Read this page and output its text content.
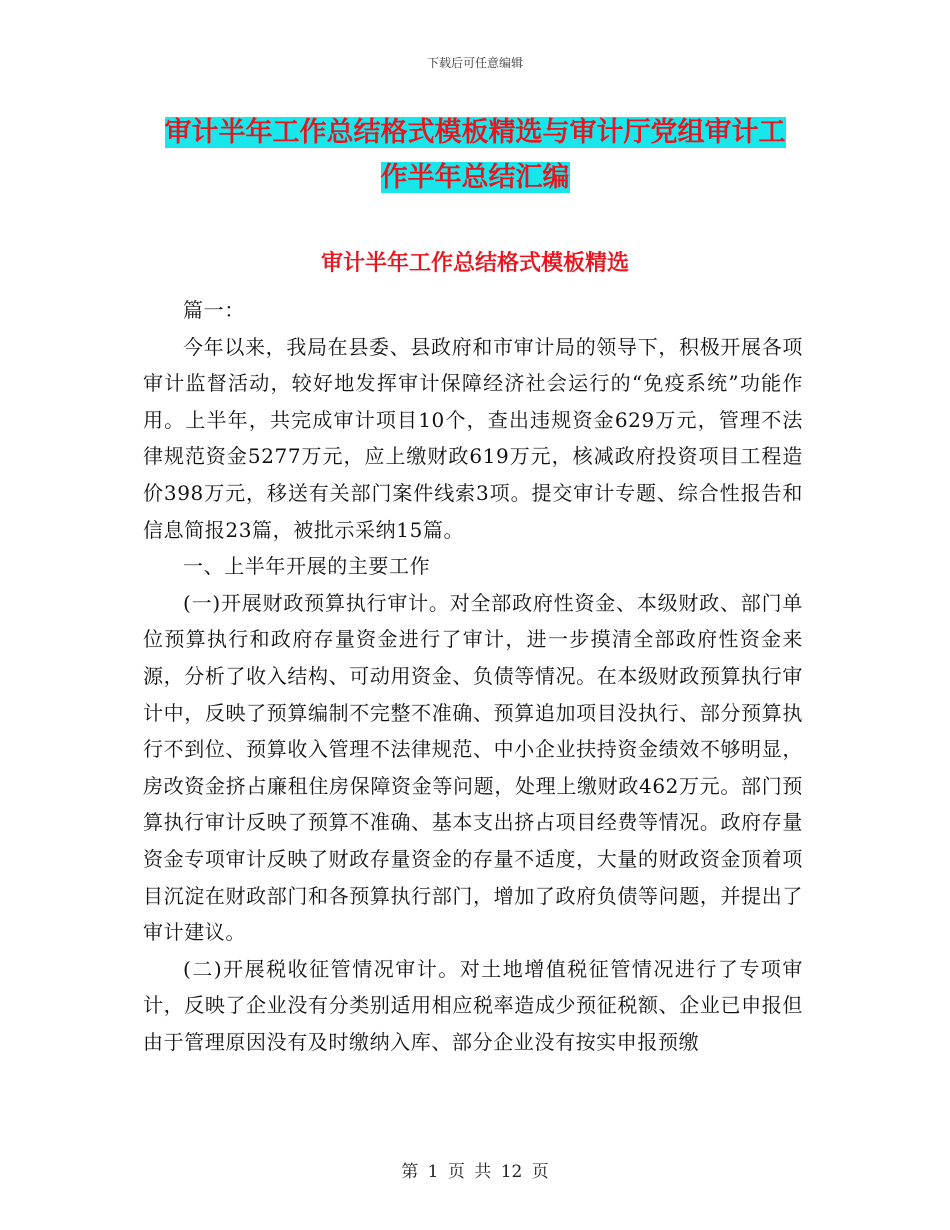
下载后可任意编辑
审计半年工作总结格式模板精选与审计厅党组审计工
作半年总结汇编
审计半年工作总结格式模板精选

篇一：

今年以来，我局在县委、县政府和市审计局的领导下，积极开展各项审计监督活动，较好地发挥审计保障经济社会运行的“免疫系统”功能作用。上半年，共完成审计项目10个，查出违规资金629万元，管理不法律规范资金5277万元，应上缴财政619万元，核减政府投资项目工程造价398万元，移送有关部门案件线索3项。提交审计专题、综合性报告和信息简报23篇，被批示采纳15篇。

一、上半年开展的主要工作

(一)开展财政预算执行审计。对全部政府性资金、本级财政、部门单位预算执行和政府存量资金进行了审计，进一步摸清全部政府性资金来源，分析了收入结构、可动用资金、负债等情况。在本级财政预算执行审计中，反映了预算编制不完整不准确、预算追加项目没执行、部分预算执行不到位、预算收入管理不法律规范、中小企业扶持资金绩效不够明显，房改资金挤占廉租住房保障资金等问题，处理上缴财政462万元。部门预算执行审计反映了预算不准确、基本支出挤占项目经费等情况。政府存量资金专项审计反映了财政存量资金的存量不适度，大量的财政资金顶着项目沉淀在财政部门和各预算执行部门，增加了政府负债等问题，并提出了审计建议。

(二)开展税收征管情况审计。对土地增值税征管情况进行了专项审计，反映了企业没有分类别适用相应税率造成少预征税额、企业已申报但由于管理原因没有及时缴纳入库、部分企业没有按实申报预缴

第 1 页 共 12 页
